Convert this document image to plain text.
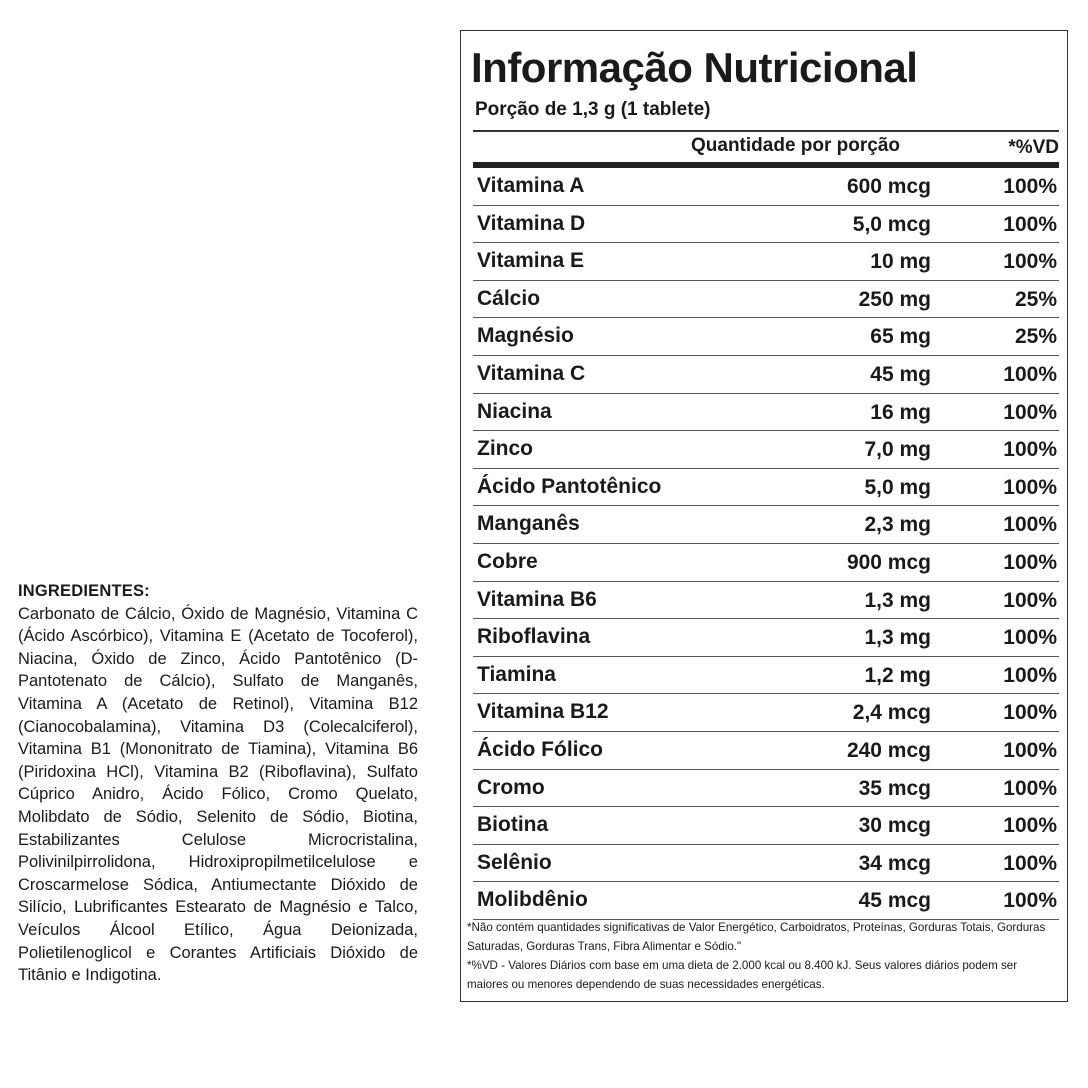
INGREDIENTES:
Carbonato de Cálcio, Óxido de Magnésio, Vitamina C (Ácido Ascórbico), Vitamina E (Acetato de Tocoferol), Niacina, Óxido de Zinco, Ácido Pantotênico (D-Pantotenato de Cálcio), Sulfato de Manganês, Vitamina A (Acetato de Retinol), Vitamina B12 (Cianocobalamina), Vitamina D3 (Colecalciferol), Vitamina B1 (Mononitrato de Tiamina), Vitamina B6 (Piridoxina HCl), Vitamina B2 (Riboflavina), Sulfato Cúprico Anidro, Ácido Fólico, Cromo Quelato, Molibdato de Sódio, Selenito de Sódio, Biotina, Estabilizantes Celulose Microcristalina, Polivinilpirrolidona, Hidroxipropilmetilcelulose e Croscarmelose Sódica, Antiumectante Dióxido de Silício, Lubrificantes Estearato de Magnésio e Talco, Veículos Álcool Etílico, Água Deionizada, Polietilenoglicol e Corantes Artificiais Dióxido de Titânio e Indigotina.
Informação Nutricional
Porção de 1,3 g (1 tablete)
Quantidade por porção	*%VD
Vitamina A	600 mcg	100%
Vitamina D	5,0 mcg	100%
Vitamina E	10 mg	100%
Cálcio	250 mg	25%
Magnésio	65 mg	25%
Vitamina C	45 mg	100%
Niacina	16 mg	100%
Zinco	7,0 mg	100%
Ácido Pantotênico	5,0 mg	100%
Manganês	2,3 mg	100%
Cobre	900 mcg	100%
Vitamina B6	1,3 mg	100%
Riboflavina	1,3 mg	100%
Tiamina	1,2 mg	100%
Vitamina B12	2,4 mcg	100%
Ácido Fólico	240 mcg	100%
Cromo	35 mcg	100%
Biotina	30 mcg	100%
Selênio	34 mcg	100%
Molibdênio	45 mcg	100%

*Não contém quantidades significativas de Valor Energético, Carboidratos, Proteínas, Gorduras Totais, Gorduras Saturadas, Gorduras Trans, Fibra Alimentar e Sódio."

*%VD - Valores Diários com base em uma dieta de 2.000 kcal ou 8.400 kJ. Seus valores diários podem ser maiores ou menores dependendo de suas necessidades energéticas.
